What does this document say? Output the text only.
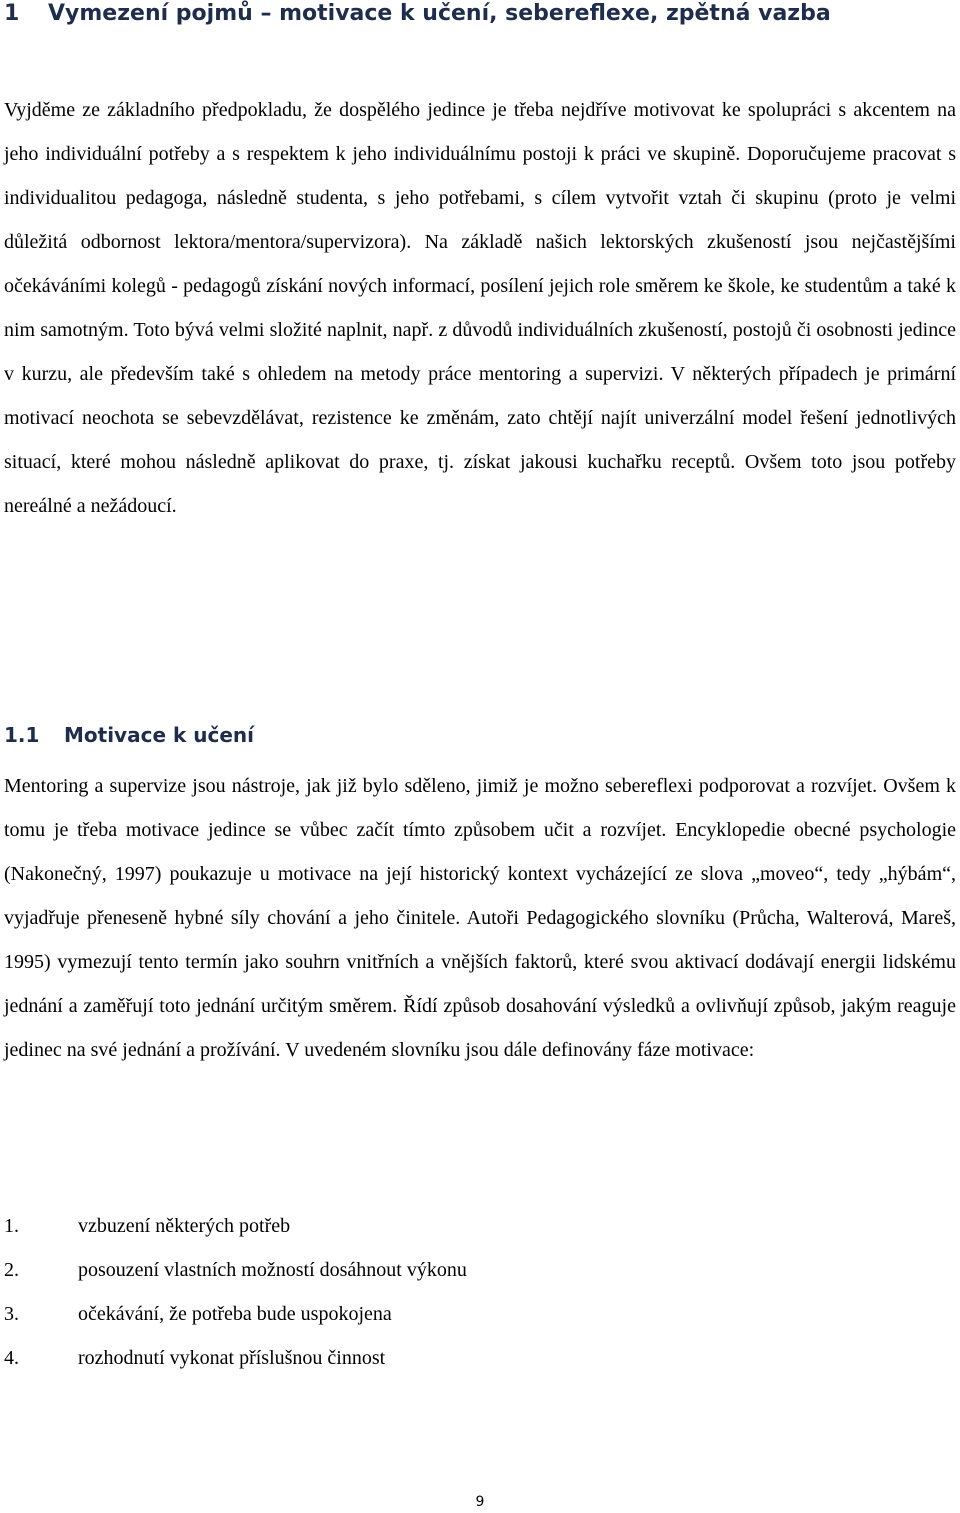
1 Vymezení pojmů – motivace k učení, sebereflexe, zpětná vazba

Vyjděme ze základního předpokladu, že dospělého jedince je třeba nejdříve motivovat ke spolupráci s akcentem na jeho individuální potřeby a s respektem k jeho individuálnímu postoji k práci ve skupině. Doporučujeme pracovat s individualitou pedagoga, následně studenta, s jeho potřebami, s cílem vytvořit vztah či skupinu (proto je velmi důležitá odbornost lektora/mentora/supervizora). Na základě našich lektorských zkušeností jsou nejčastějšími očekáváními kolegů - pedagogů získání nových informací, posílení jejich role směrem ke škole, ke studentům a také k nim samotným. Toto bývá velmi složité naplnit, např. z důvodů individuálních zkušeností, postojů či osobnosti jedince v kurzu, ale především také s ohledem na metody práce mentoring a supervizi. V některých případech je primární motivací neochota se sebevzdělávat, rezistence ke změnám, zato chtějí najít univerzální model řešení jednotlivých situací, které mohou následně aplikovat do praxe, tj. získat jakousi kuchařku receptů. Ovšem toto jsou potřeby nereálné a nežádoucí.

1.1 Motivace k učení

Mentoring a supervize jsou nástroje, jak již bylo sděleno, jimiž je možno sebereflexi podporovat a rozvíjet. Ovšem k tomu je třeba motivace jedince se vůbec začít tímto způsobem učit a rozvíjet. Encyklopedie obecné psychologie (Nakonečný, 1997) poukazuje u motivace na její historický kontext vycházející ze slova „moveo“, tedy „hýbám“, vyjadřuje přeneseně hybné síly chování a jeho činitele. Autoři Pedagogického slovníku (Průcha, Walterová, Mareš, 1995) vymezují tento termín jako souhrn vnitřních a vnějších faktorů, které svou aktivací dodávají energii lidskému jednání a zaměřují toto jednání určitým směrem. Řídí způsob dosahování výsledků a ovlivňují způsob, jakým reaguje jedinec na své jednání a prožívání. V uvedeném slovníku jsou dále definovány fáze motivace:

1.	vzbuzení některých potřeb
2.	posouzení vlastních možností dosáhnout výkonu
3.	očekávání, že potřeba bude uspokojena
4.	rozhodnutí vykonat příslušnou činnost
9
